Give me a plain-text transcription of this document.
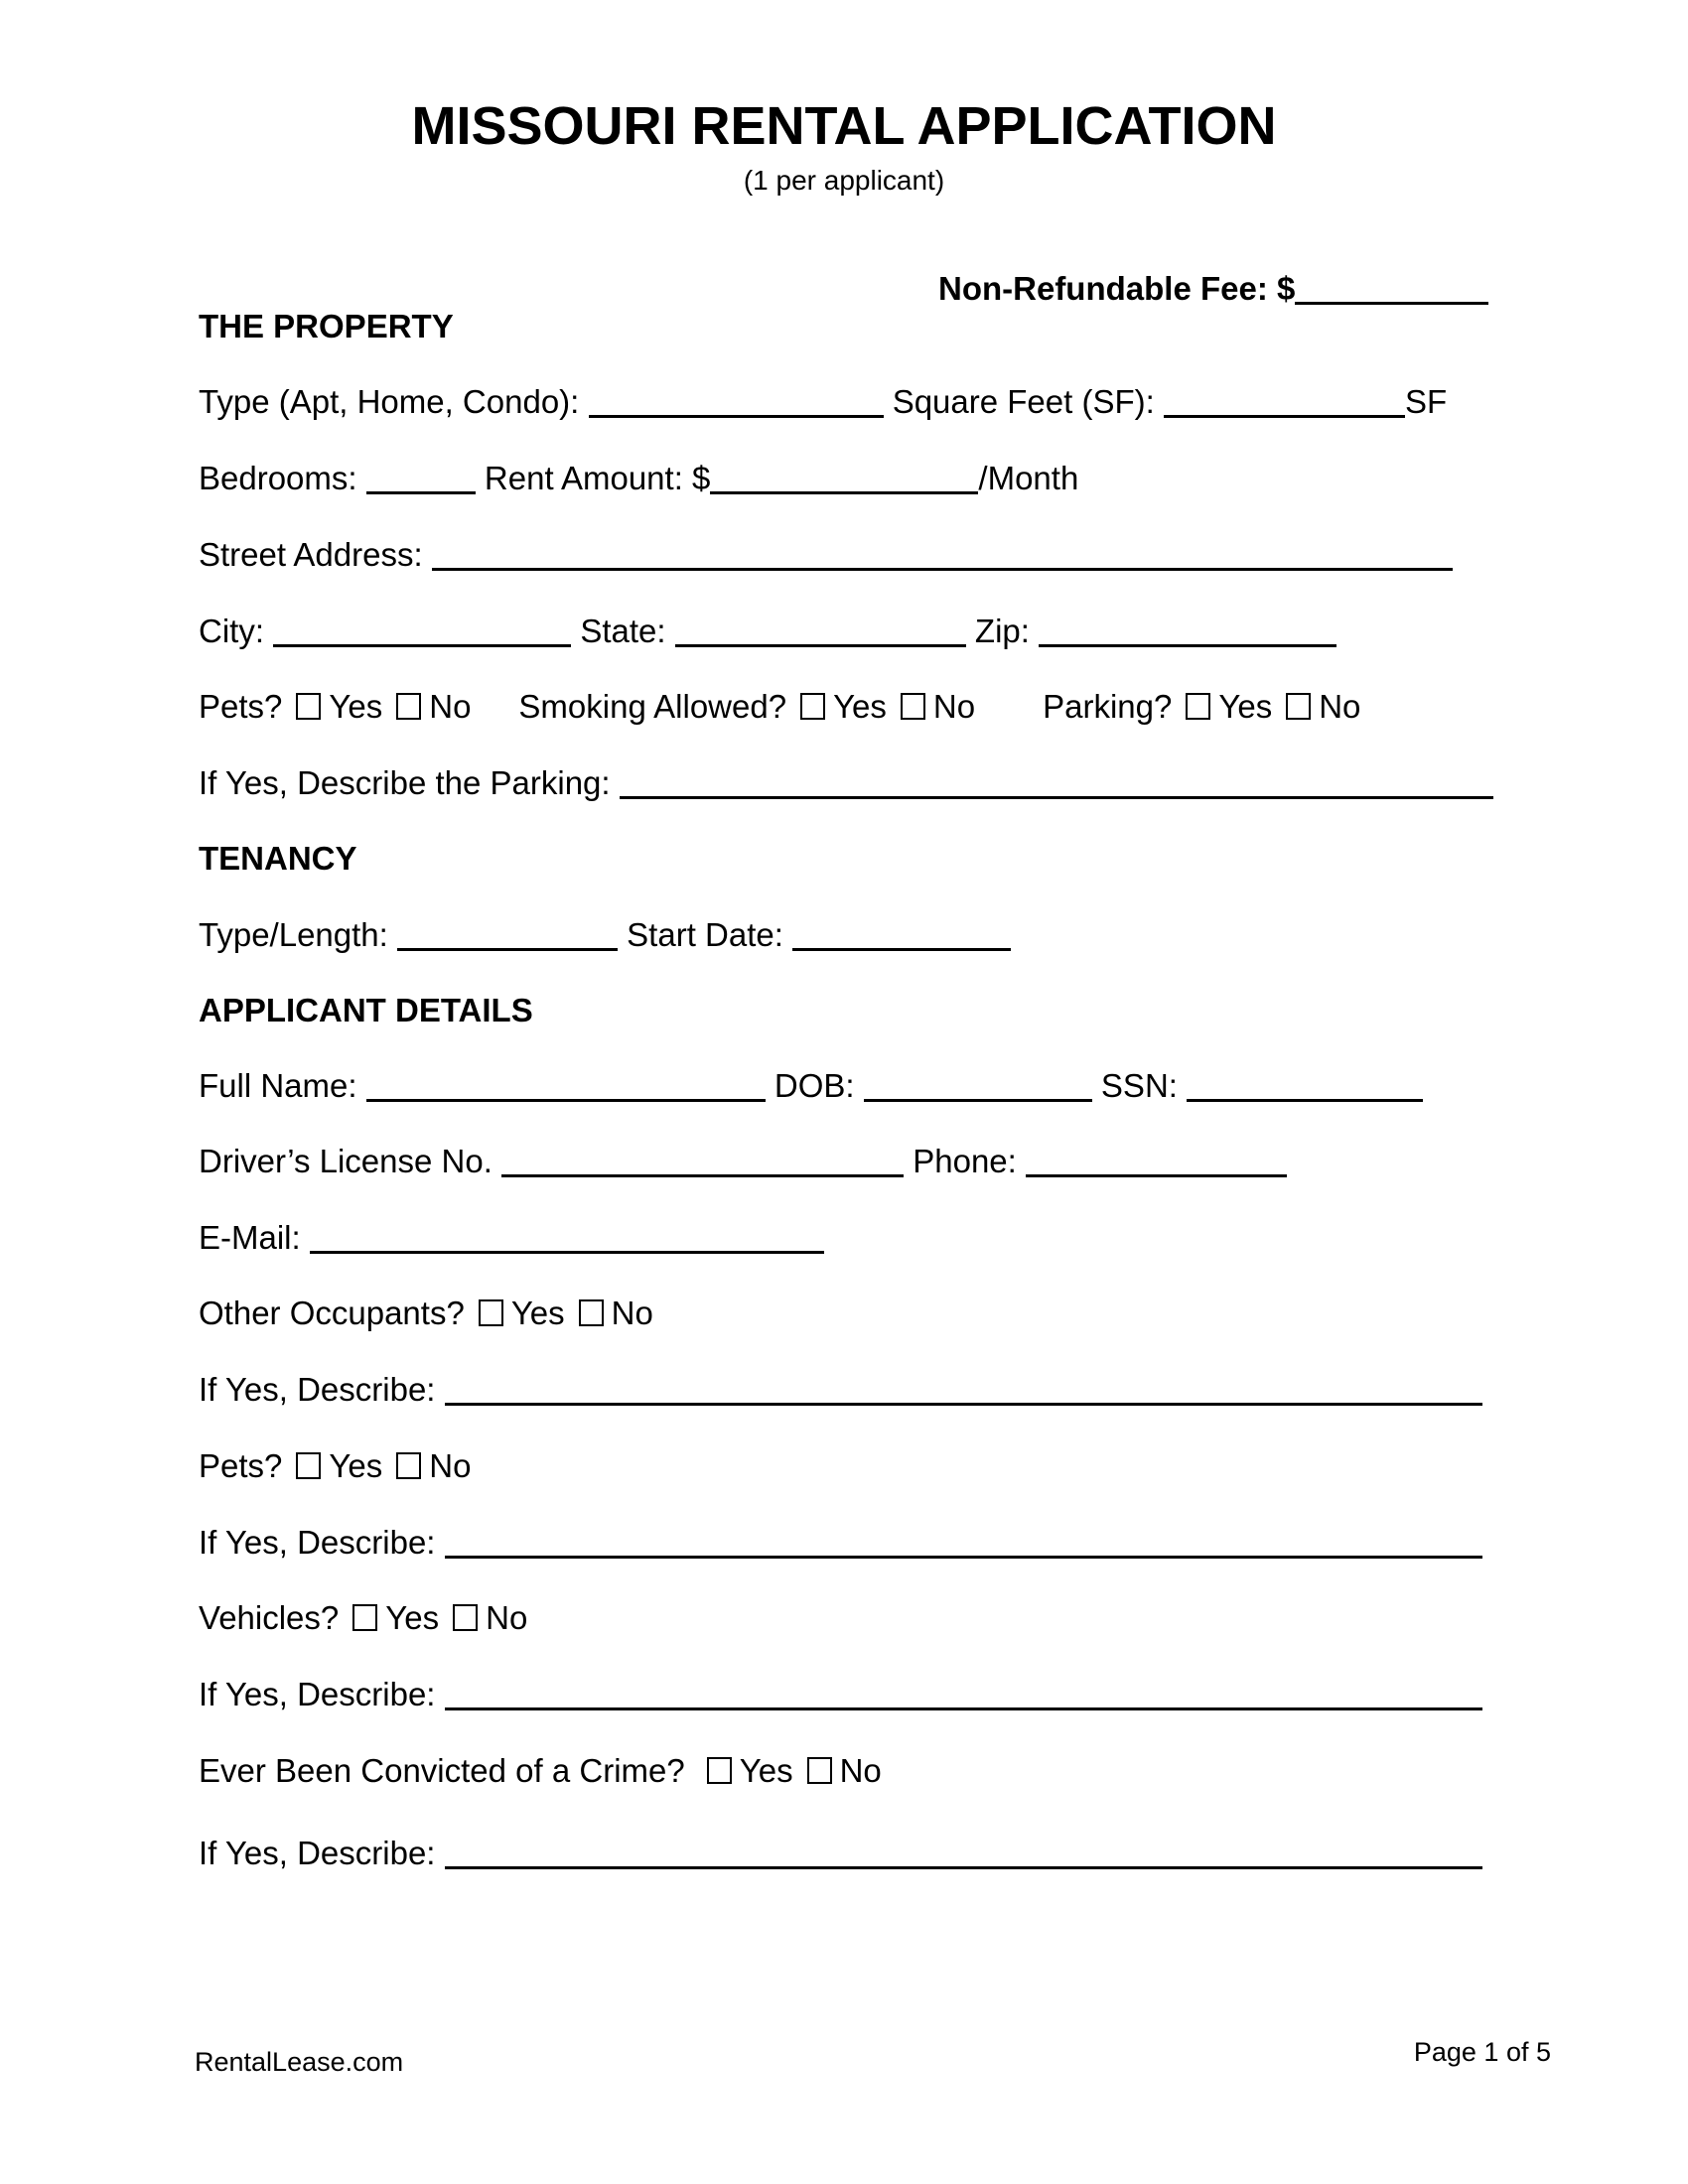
MISSOURI RENTAL APPLICATION
(1 per applicant)
Non-Refundable Fee: $
THE PROPERTY
Type (Apt, Home, Condo):	Square Feet (SF):	SF
Bedrooms:	Rent Amount: $	/Month
Street Address:
City:	State:	Zip:
Pets? Yes No Smoking Allowed? Yes No Parking? Yes No
If Yes, Describe the Parking:
TENANCY
Type/Length:	Start Date:
APPLICANT DETAILS
Full Name:	DOB:	SSN:
Driver’s License No.	Phone:
E-Mail:
Other Occupants? Yes No
If Yes, Describe:
Pets? Yes No
If Yes, Describe:
Vehicles? Yes No
If Yes, Describe:
Ever Been Convicted of a Crime? Yes No
If Yes, Describe:
RentalLease.com	Page 1 of 5
